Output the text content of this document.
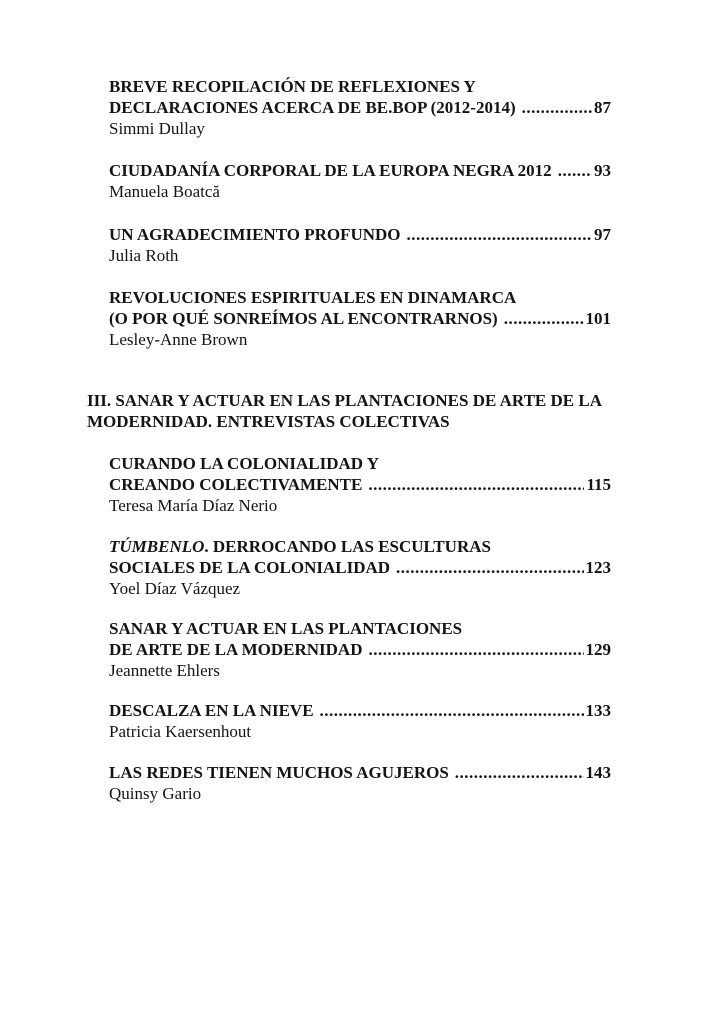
BREVE RECOPILACIÓN DE REFLEXIONES Y
DECLARACIONES ACERCA DE BE.BOP (2012-2014) .....	87
Simmi Dullay
CIUDADANÍA CORPORAL DE LA EUROPA NEGRA 2012 ..... 93
Manuela Boatcă
UN AGRADECIMIENTO PROFUNDO .....	97
Julia Roth
REVOLUCIONES ESPIRITUALES EN DINAMARCA
(O POR QUÉ SONREÍMOS AL ENCONTRARNOS) .....	101
Lesley-Anne Brown
III. SANAR Y ACTUAR EN LAS PLANTACIONES DE ARTE DE LA
MODERNIDAD. ENTREVISTAS COLECTIVAS
CURANDO LA COLONIALIDAD Y
CREANDO COLECTIVAMENTE .....	115
Teresa María Díaz Nerio
TÚMBENLO. DERROCANDO LAS ESCULTURAS
SOCIALES DE LA COLONIALIDAD .....	123
Yoel Díaz Vázquez
SANAR Y ACTUAR EN LAS PLANTACIONES
DE ARTE DE LA MODERNIDAD .....	129
Jeannette Ehlers
DESCALZA EN LA NIEVE .....	133
Patricia Kaersenhout
LAS REDES TIENEN MUCHOS AGUJEROS .....	143
Quinsy Gario
